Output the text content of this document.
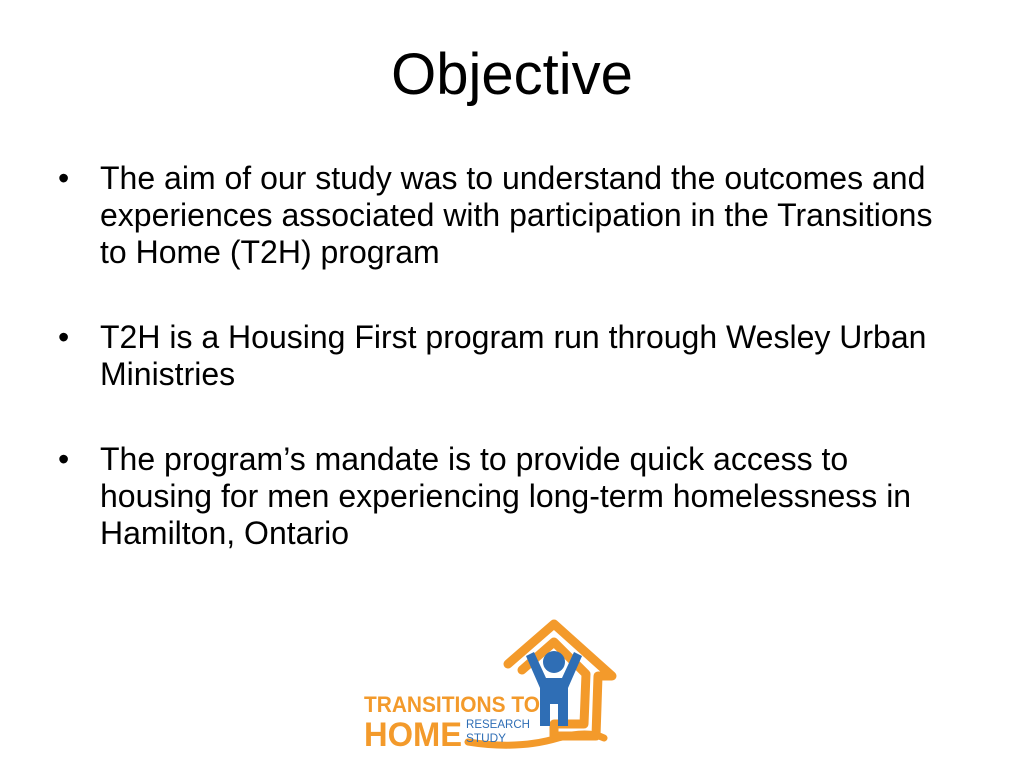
Objective
• The aim of our study was to understand the outcomes and experiences associated with participation in the Transitions to Home (T2H) program
• T2H is a Housing First program run through Wesley Urban Ministries
• The program’s mandate is to provide quick access to housing for men experiencing long-term homelessness in Hamilton, Ontario
TRANSITIONS TO
HOME RESEARCH
STUDY
